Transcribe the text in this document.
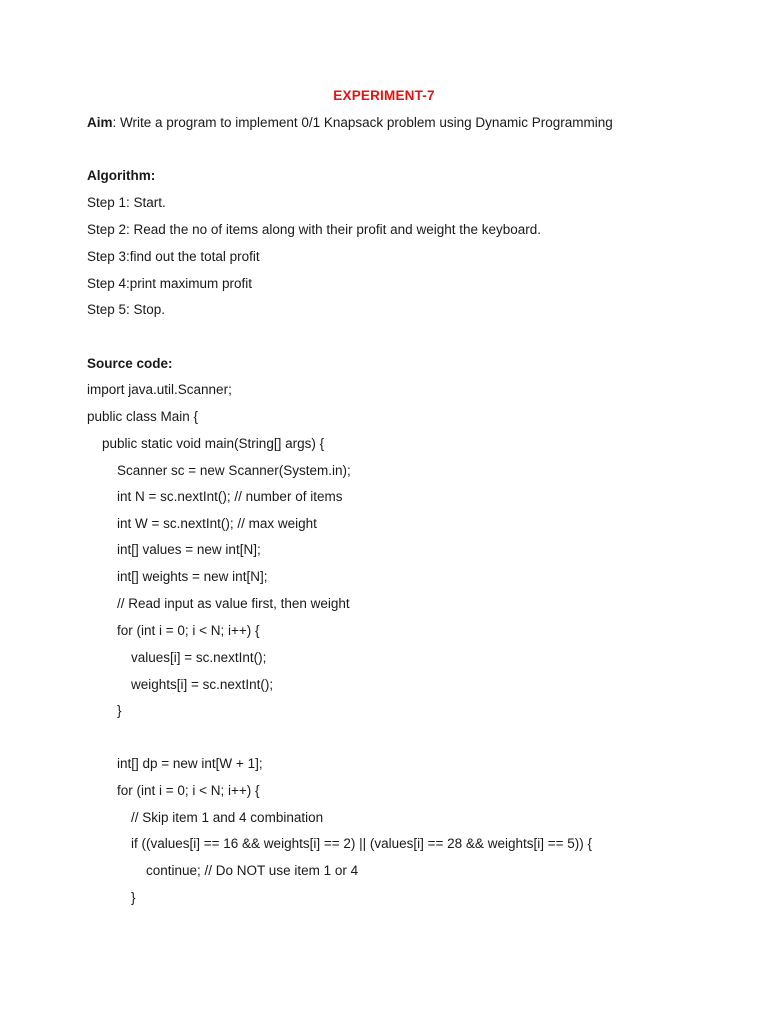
EXPERIMENT-7
Aim: Write a program to implement 0/1 Knapsack problem using Dynamic Programming
Algorithm:
Step 1: Start.
Step 2: Read the no of items along with their profit and weight the keyboard.
Step 3:find out the total profit
Step 4:print maximum profit
Step 5: Stop.
Source code:
import java.util.Scanner;
public class Main {
public static void main(String[] args) {
Scanner sc = new Scanner(System.in);
int N = sc.nextInt(); // number of items
int W = sc.nextInt(); // max weight
int[] values = new int[N];
int[] weights = new int[N];
// Read input as value first, then weight
for (int i = 0; i < N; i++) {
values[i] = sc.nextInt();
weights[i] = sc.nextInt();
}
int[] dp = new int[W + 1];
for (int i = 0; i < N; i++) {
// Skip item 1 and 4 combination
if ((values[i] == 16 && weights[i] == 2) || (values[i] == 28 && weights[i] == 5)) {
continue; // Do NOT use item 1 or 4
}
